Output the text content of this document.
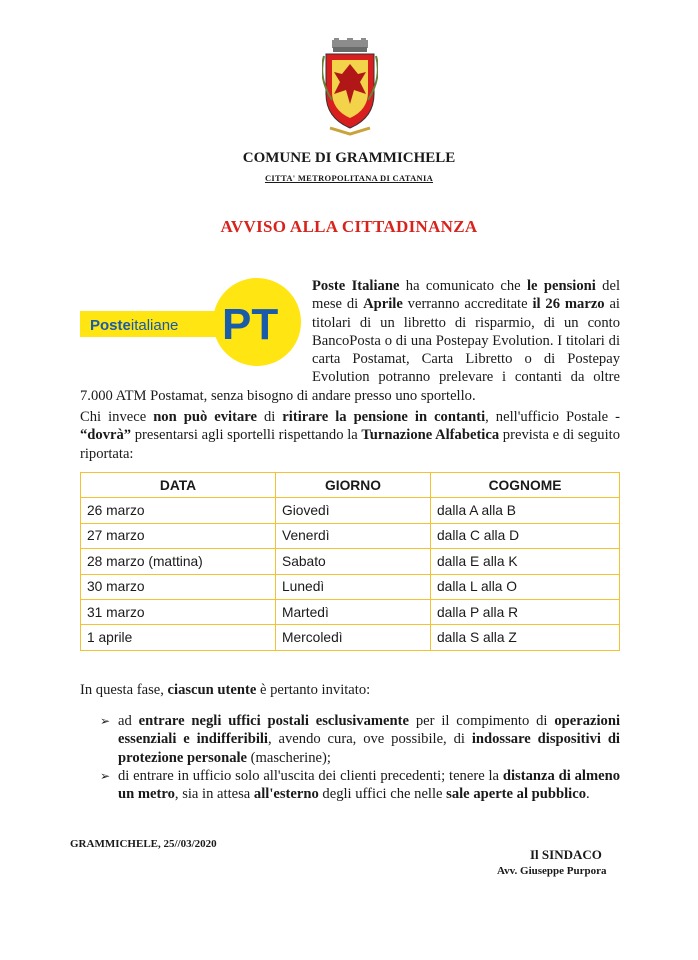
COMUNE DI GRAMMICHELE
CITTA' METROPOLITANA DI CATANIA
AVVISO ALLA CITTADINANZA
Posteitaliane PT
Poste Italiane ha comunicato che le pensioni del mese di Aprile verranno accreditate il 26 marzo ai titolari di un libretto di risparmio, di un conto BancoPosta o di una Postepay Evolution. I titolari di carta Postamat, Carta Libretto o di Postepay Evolution potranno prelevare i contanti da oltre 7.000 ATM Postamat, senza bisogno di andare presso uno sportello.
Chi invece non può evitare di ritirare la pensione in contanti, nell'ufficio Postale - “dovrà” presentarsi agli sportelli rispettando la Turnazione Alfabetica prevista e di seguito riportata:
DATA	GIORNO	COGNOME
26 marzo	Giovedì	dalla A alla B
27 marzo	Venerdì	dalla C alla D
28 marzo (mattina)	Sabato	dalla E alla K
30 marzo	Lunedì	dalla L alla O
31 marzo	Martedì	dalla P alla R
1 aprile	Mercoledì	dalla S alla Z
In questa fase, ciascun utente è pertanto invitato:
➢ ad entrare negli uffici postali esclusivamente per il compimento di operazioni essenziali e indifferibili, avendo cura, ove possibile, di indossare dispositivi di protezione personale (mascherine);
➢ di entrare in ufficio solo all'uscita dei clienti precedenti; tenere la distanza di almeno un metro, sia in attesa all'esterno degli uffici che nelle sale aperte al pubblico.
GRAMMICHELE, 25//03/2020
Il SINDACO
Avv. Giuseppe Purpora
